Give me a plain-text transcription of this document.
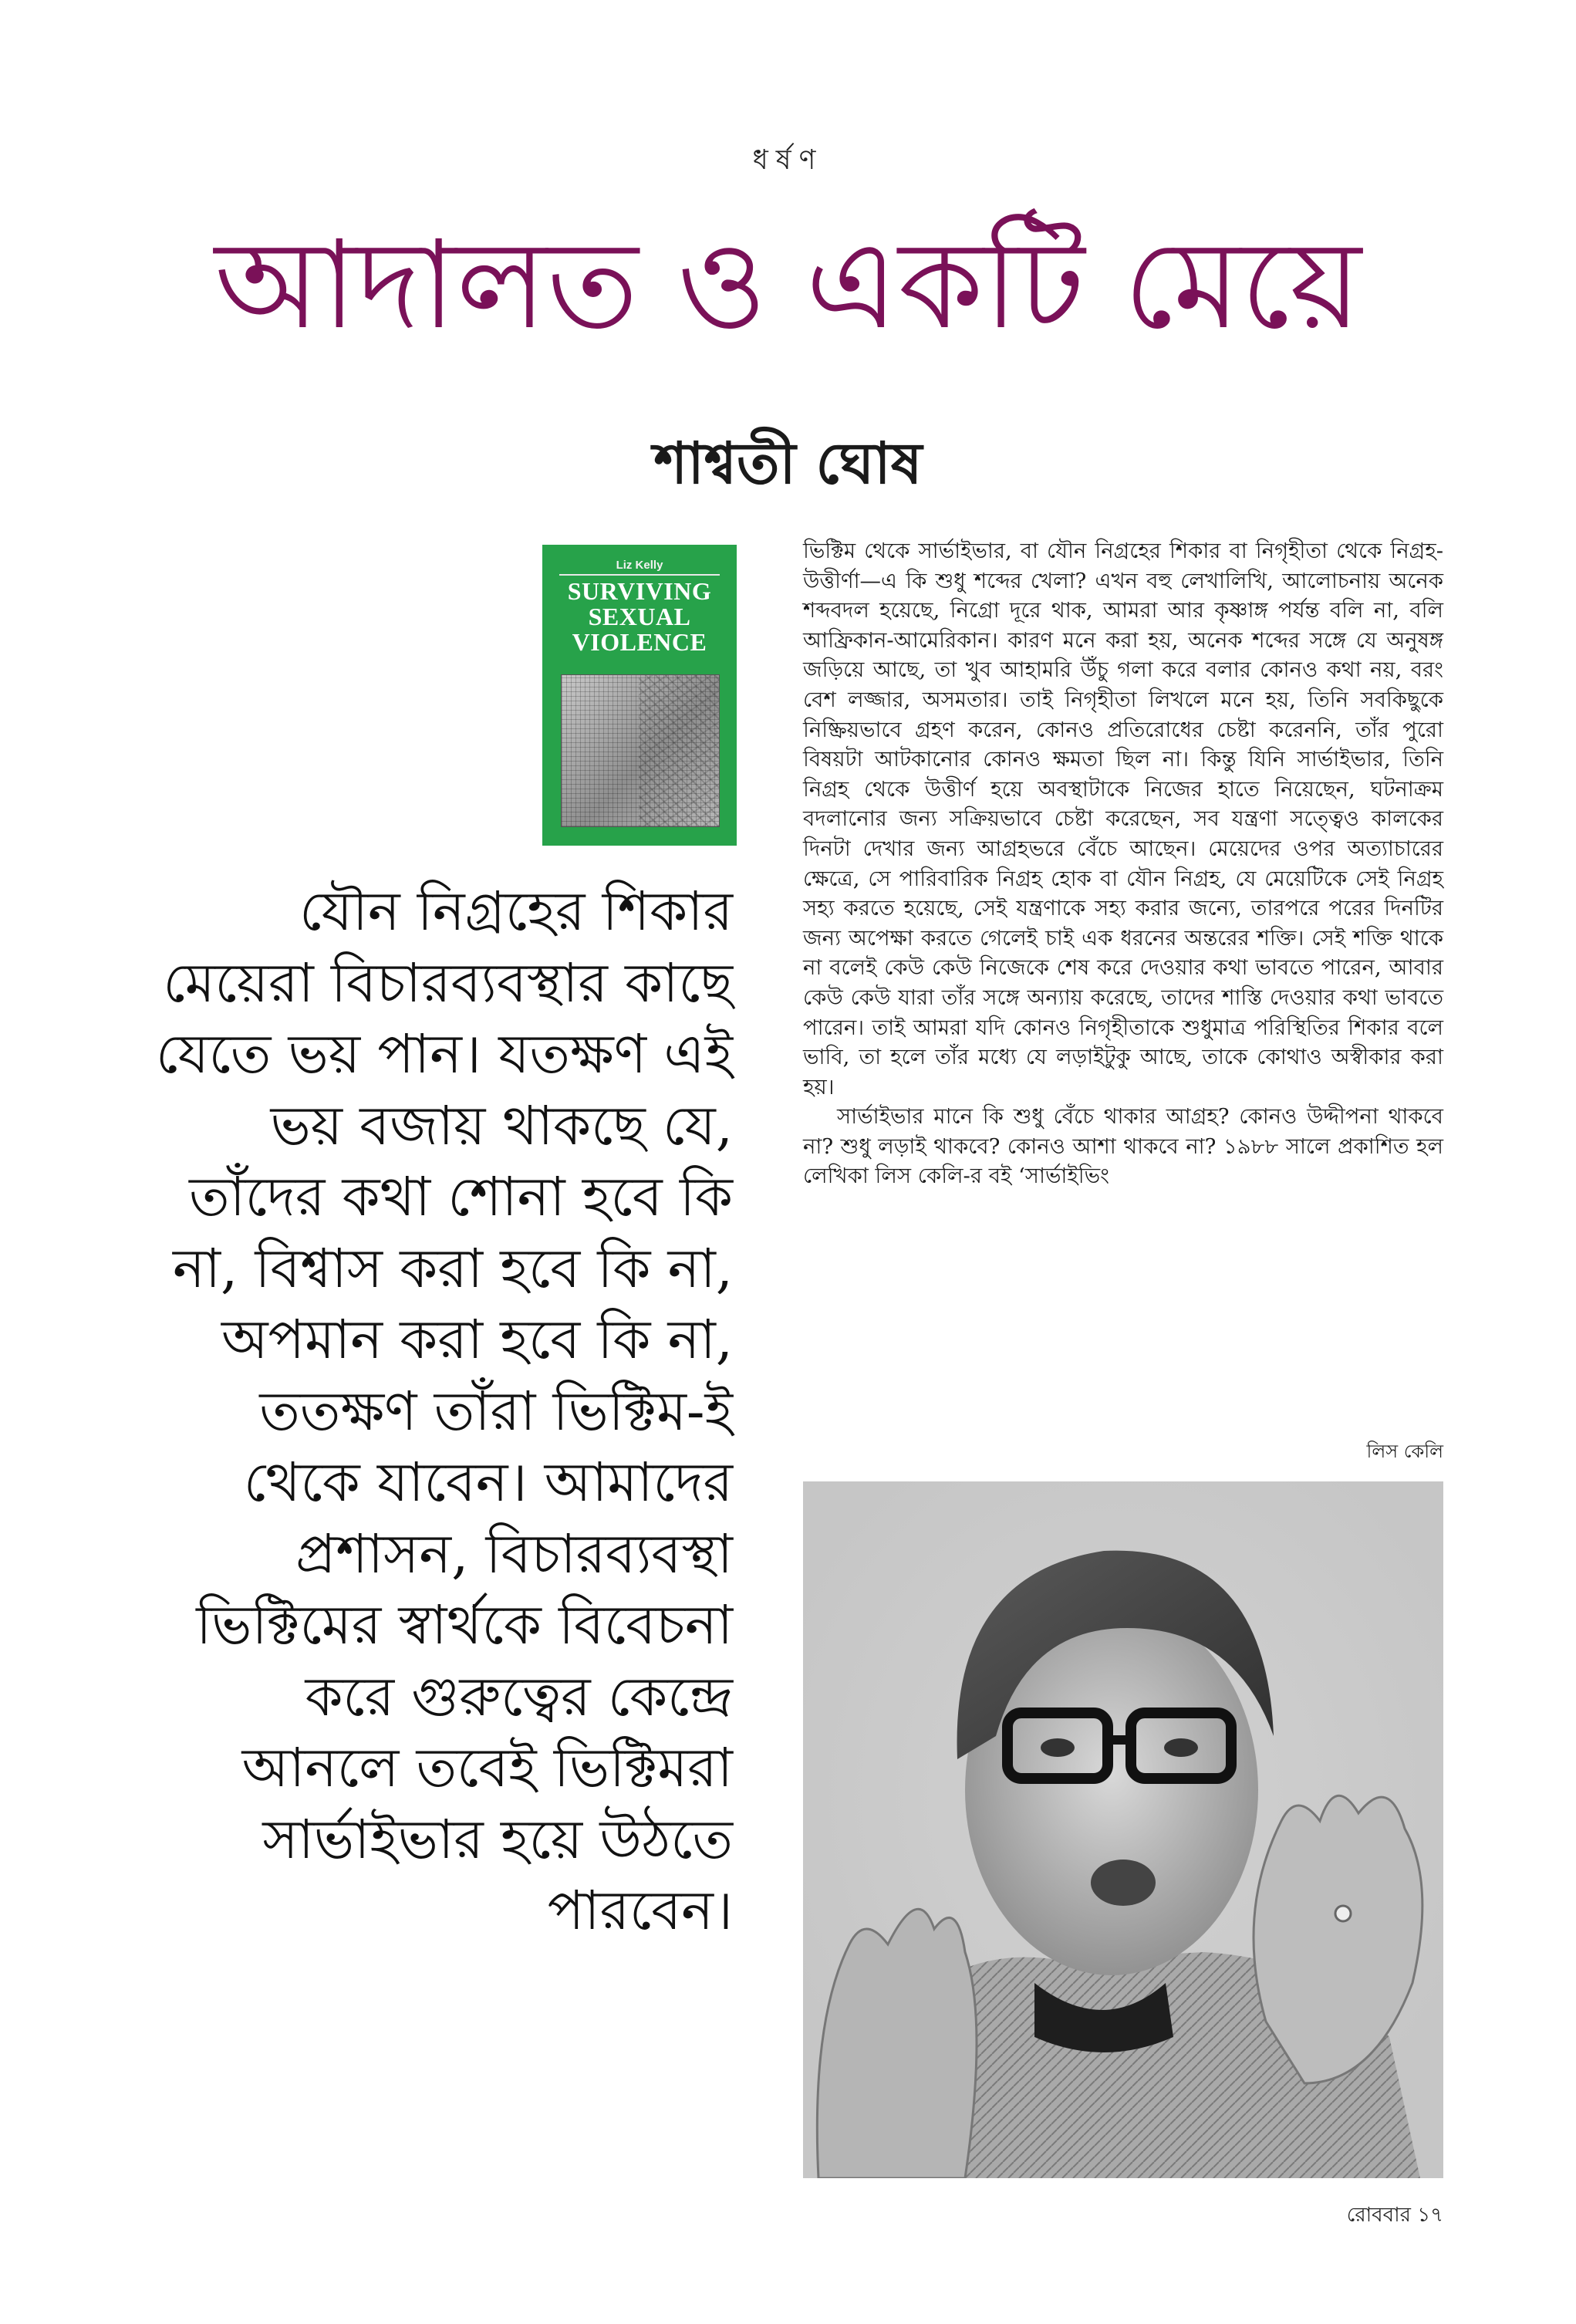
ধর্ষণ
আদালত ও একটি মেয়ে
শাশ্বতী ঘোষ
Liz Kelly
SURVIVING
SEXUAL
VIOLENCE
যৌন নিগ্রহের শিকার মেয়েরা বিচারব্যবস্থার কাছে যেতে ভয় পান। যতক্ষণ এই ভয় বজায় থাকছে যে, তাঁদের কথা শোনা হবে কি না, বিশ্বাস করা হবে কি না, অপমান করা হবে কি না, ততক্ষণ তাঁরা ভিক্টিম-ই থেকে যাবেন। আমাদের প্রশাসন, বিচারব্যবস্থা ভিক্টিমের স্বার্থকে বিবেচনা করে গুরুত্বের কেন্দ্রে আনলে তবেই ভিক্টিমরা সার্ভাইভার হয়ে উঠতে পারবেন।

ভিক্টিম থেকে সার্ভাইভার, বা যৌন নিগ্রহের শিকার বা নিগৃহীতা থেকে নিগ্রহ-উত্তীর্ণা—এ কি শুধু শব্দের খেলা? এখন বহু লেখালিখি, আলোচনায় অনেক শব্দবদল হয়েছে, নিগ্রো দূরে থাক, আমরা আর কৃষ্ণাঙ্গ পর্যন্ত বলি না, বলি আফ্রিকান-আমেরিকান। কারণ মনে করা হয়, অনেক শব্দের সঙ্গে যে অনুষঙ্গ জড়িয়ে আছে, তা খুব আহামরি উঁচু গলা করে বলার কোনও কথা নয়, বরং বেশ লজ্জার, অসমতার। তাই নিগৃহীতা লিখলে মনে হয়, তিনি সবকিছুকে নিষ্ক্রিয়ভাবে গ্রহণ করেন, কোনও প্রতিরোধের চেষ্টা করেননি, তাঁর পুরো বিষয়টা আটকানোর কোনও ক্ষমতা ছিল না। কিন্তু যিনি সার্ভাইভার, তিনি নিগ্রহ থেকে উত্তীর্ণ হয়ে অবস্থাটাকে নিজের হাতে নিয়েছেন, ঘটনাক্রম বদলানোর জন্য সক্রিয়ভাবে চেষ্টা করেছেন, সব যন্ত্রণা সত্ত্বেও কালকের দিনটা দেখার জন্য আগ্রহভরে বেঁচে আছেন। মেয়েদের ওপর অত্যাচারের ক্ষেত্রে, সে পারিবারিক নিগ্রহ হোক বা যৌন নিগ্রহ, যে মেয়েটিকে সেই নিগ্রহ সহ্য করতে হয়েছে, সেই যন্ত্রণাকে সহ্য করার জন্যে, তারপরে পরের দিনটির জন্য অপেক্ষা করতে গেলেই চাই এক ধরনের অন্তরের শক্তি। সেই শক্তি থাকে না বলেই কেউ কেউ নিজেকে শেষ করে দেওয়ার কথা ভাবতে পারেন, আবার কেউ কেউ যারা তাঁর সঙ্গে অন্যায় করেছে, তাদের শাস্তি দেওয়ার কথা ভাবতে পারেন। তাই আমরা যদি কোনও নিগৃহীতাকে শুধুমাত্র পরিস্থিতির শিকার বলে ভাবি, তা হলে তাঁর মধ্যে যে লড়াইটুকু আছে, তাকে কোথাও অস্বীকার করা হয়।

সার্ভাইভার মানে কি শুধু বেঁচে থাকার আগ্রহ? কোনও উদ্দীপনা থাকবে না? শুধু লড়াই থাকবে? কোনও আশা থাকবে না? ১৯৮৮ সালে প্রকাশিত হল লেখিকা লিস কেলি-র বই ‘সার্ভাইভিং

লিস কেলি
রোববার ১৭
